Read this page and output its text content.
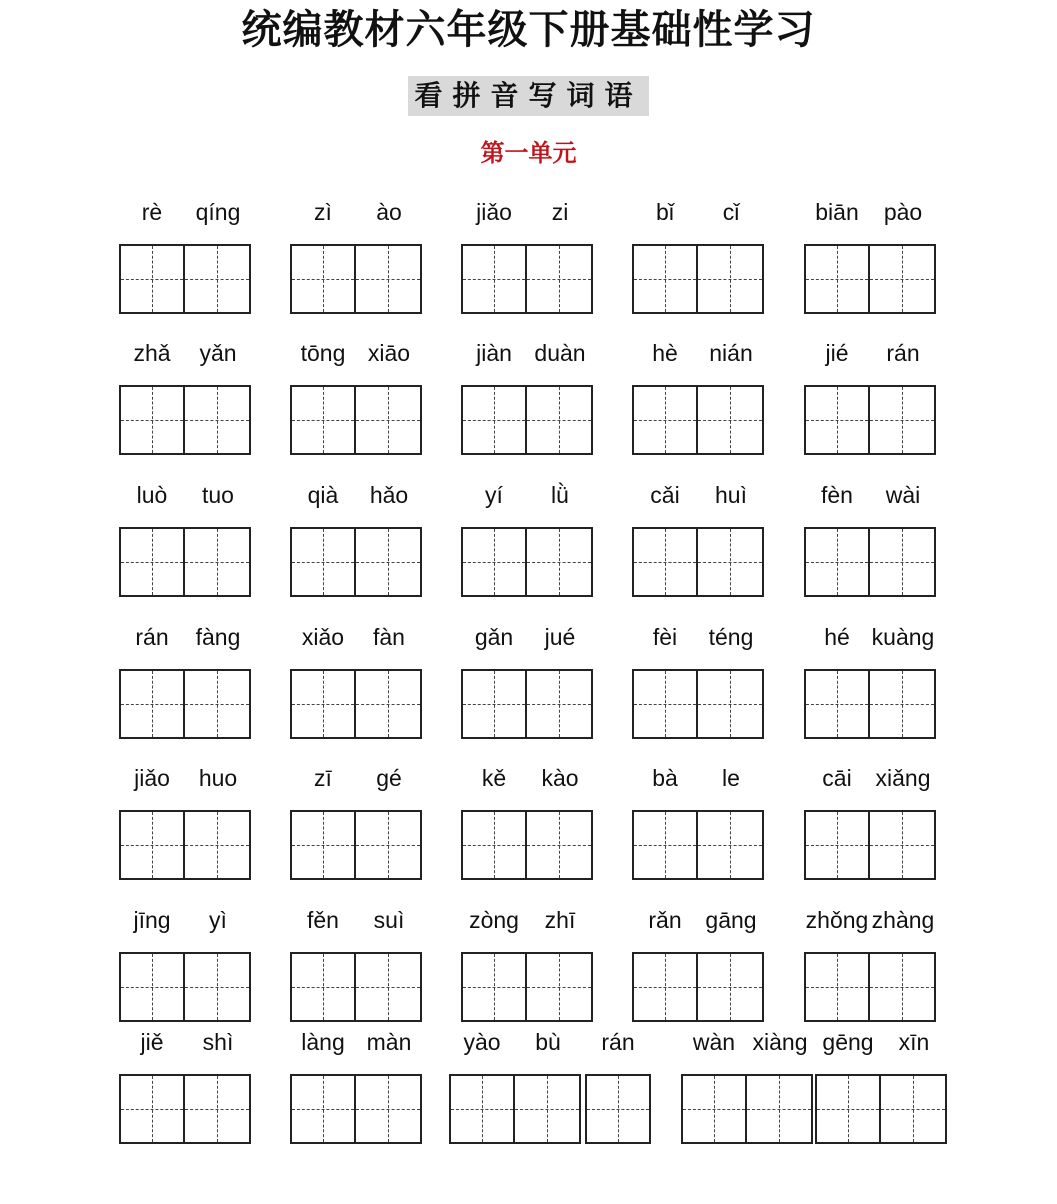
统编教材六年级下册基础性学习
看拼音写词语
第一单元
rè	qíng	zì	ào	jiǎo	zi	bǐ	cǐ	biān	pào
zhǎ	yǎn	tōng xiāo	jiàn duàn	hè	nián	jié	rán
luò	tuo	qià	hǎo	yí	lǜ	cǎi	huì	fèn	wài
rán	fàng	xiǎo	fàn	gǎn	jué	fèi	téng	hé kuàng
jiǎo	huo	zī	gé	kě	kào	bà	le	cāi	xiǎng
jīng	yì	fěn	suì	zòng	zhī	rǎn	gāng	zhǒng zhàng
jiě	shì	làng màn	yào	bù	rán	wàn xiàng gēng	xīn
